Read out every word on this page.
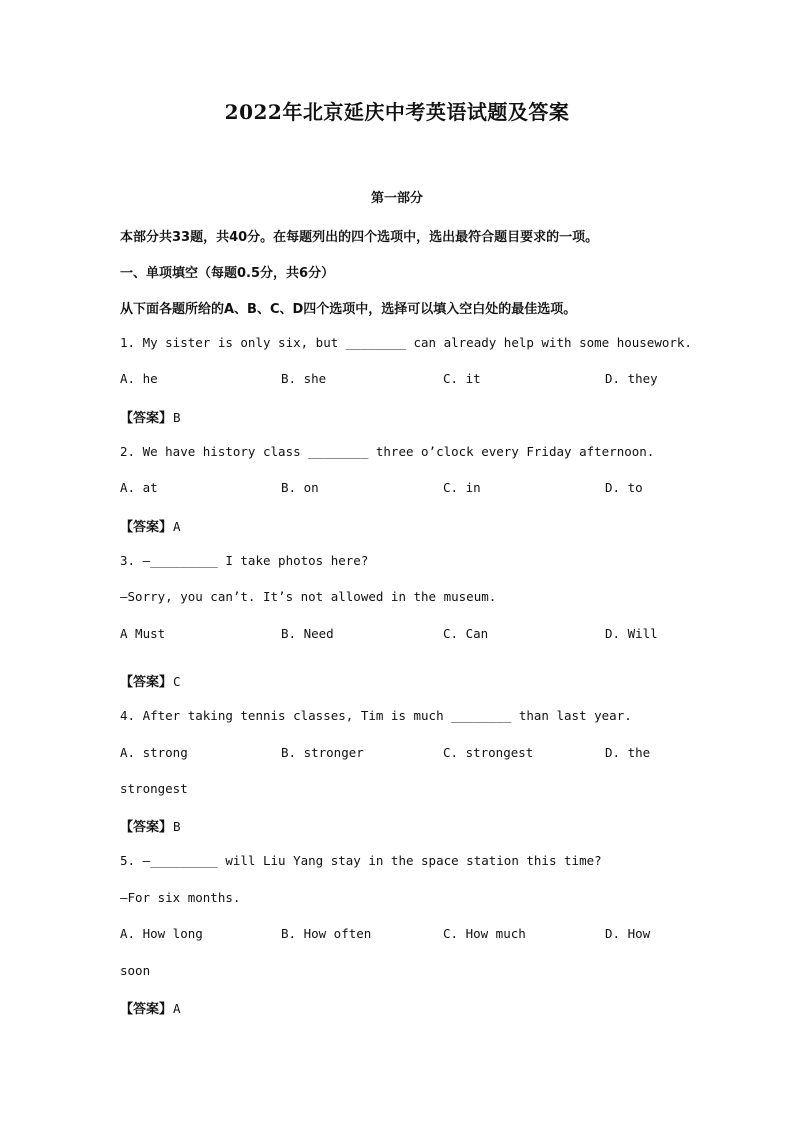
2022年北京延庆中考英语试题及答案
第一部分
本部分共33题，共40分。在每题列出的四个选项中，选出最符合题目要求的一项。
一、单项填空（每题0.5分，共6分）
从下面各题所给的A、B、C、D四个选项中，选择可以填入空白处的最佳选项。
1. My sister is only six, but ________ can already help with some housework.
A. he	B. she	C. it	D. they
【答案】B
2. We have history class ________ three o’clock every Friday afternoon.
A. at	B. on	C. in	D. to
【答案】A
3. —_________ I take photos here?
—Sorry, you can’t. It’s not allowed in the museum.
A Must	B. Need	C. Can	D. Will
【答案】C
4. After taking tennis classes, Tim is much ________ than last year.
A. strong	B. stronger	C. strongest	D. the
strongest
【答案】B
5. —_________ will Liu Yang stay in the space station this time?
—For six months.
A. How long	B. How often	C. How much	D. How
soon
【答案】A
